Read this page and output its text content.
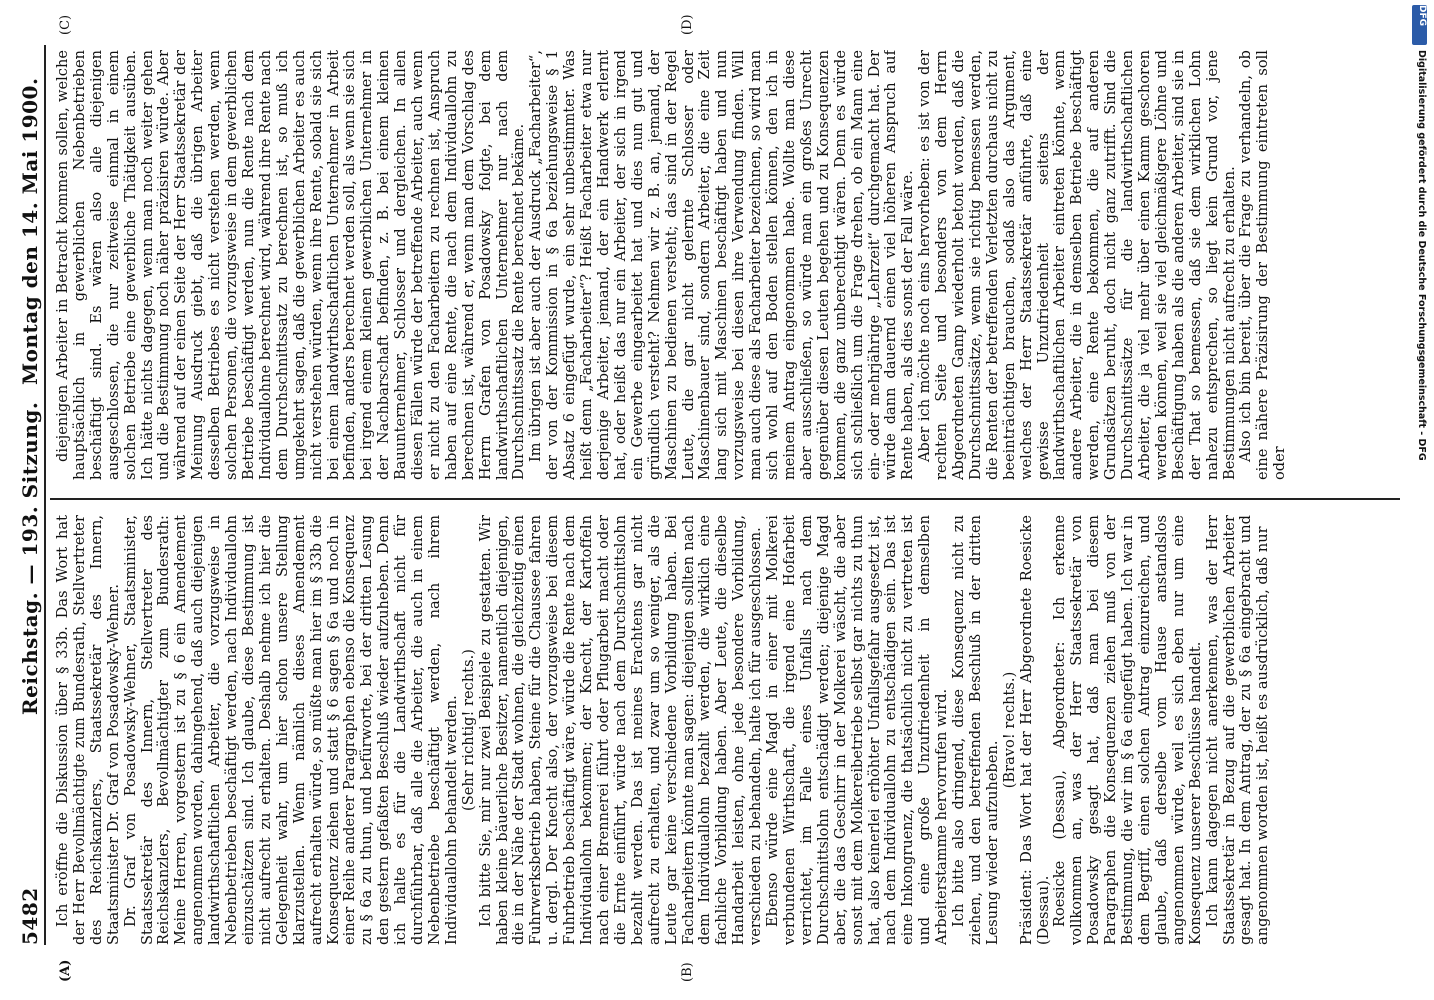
5482
Reichstag. — 193. Sitzung.
Montag den 14. Mai 1900.
(A)	(B)
(C)	(D)

Ich eröffne die Diskussion über § 33b. Das Wort hat der Herr Bevollmächtigte zum Bundesrath, Stellvertreter des Reichskanzlers, Staatssekretär des Innern, Staatsminister Dr. Graf von Posadowsky-Wehner. Dr. Graf von Posadowsky-Wehner, Staatsminister, Staatssekretär des Innern, Stellvertreter des Reichskanzlers, Bevollmächtigter zum Bundesrath: Meine Herren, vorgestern ist zu § 6 ein Amendement angenommen worden, dahingehend, daß auch diejenigen landwirthschaftlichen Arbeiter, die vorzugsweise in Nebenbetrieben beschäftigt werden, nach Individuallohn einzuschätzen sind. Ich glaube, diese Bestimmung ist nicht aufrecht zu erhalten. Deshalb nehme ich hier die Gelegenheit wahr, um hier schon unsere Stellung klarzustellen. Wenn nämlich dieses Amendement aufrecht erhalten würde, so müßte man hier im § 33b die Konsequenz ziehen und statt § 6 sagen § 6a und noch in einer Reihe anderer Paragraphen ebenso die Konsequenz zu § 6a zu thun, und befürworte, bei der dritten Lesung den gestern gefaßten Beschluß wieder aufzuheben. Denn ich halte es für die Landwirthschaft nicht für durchführbar, daß alle die Arbeiter, die auch in einem Nebenbetriebe beschäftigt werden, nach ihrem Individuallohn behandelt werden. (Sehr richtig! rechts.) Ich bitte Sie, mir nur zwei Beispiele zu gestatten. Wir haben kleine bäuerliche Besitzer, namentlich diejenigen, die in der Nähe der Stadt wohnen, die gleichzeitig einen Fuhrwerksbetrieb haben, Steine für die Chaussee fahren u. dergl. Der Knecht also, der vorzugsweise bei diesem Fuhrbetrieb beschäftigt wäre, würde die Rente nach dem Individuallohn bekommen; der Knecht, der Kartoffeln nach einer Brennerei führt oder Pflugarbeit macht oder die Ernte einführt, würde nach dem Durchschnittslohn bezahlt werden. Das ist meines Erachtens gar nicht aufrecht zu erhalten, und zwar um so weniger, als die Leute gar keine verschiedene Vorbildung haben. Bei Facharbeitern könnte man sagen: diejenigen sollten nach dem Individuallohn bezahlt werden, die wirklich eine fachliche Vorbildung haben. Aber Leute, die dieselbe Handarbeit leisten, ohne jede besondere Vorbildung, verschieden zu behandeln, halte ich für ausgeschlossen. Ebenso würde eine Magd in einer mit Molkerei verbundenen Wirthschaft, die irgend eine Hofarbeit verrichtet, im Falle eines Unfalls nach dem Durchschnittslohn entschädigt werden; diejenige Magd aber, die das Geschirr in der Molkerei wäscht, die aber sonst mit dem Molkereibetriebe selbst gar nichts zu thun hat, also keinerlei erhöhter Unfallsgefahr ausgesetzt ist, nach dem Individuallohn zu entschädigen sein. Das ist eine Inkongruenz, die thatsächlich nicht zu vertreten ist und eine große Unzufriedenheit in demselben Arbeiterstamme hervorrufen wird. Ich bitte also dringend, diese Konsequenz nicht zu ziehen, und den betreffenden Beschluß in der dritten Lesung wieder aufzuheben.

(Bravo! rechts.) Präsident: Das Wort hat der Herr Abgeordnete Roesicke (Dessau). Roesicke (Dessau), Abgeordneter: Ich erkenne vollkommen an, was der Herr Staatssekretär von Posadowsky gesagt hat, daß man bei diesem Paragraphen die Konsequenzen ziehen muß von der Bestimmung, die wir im § 6a eingefügt haben. Ich war in dem Begriff, einen solchen Antrag einzureichen, und glaube, daß derselbe vom Hause anstandslos angenommen würde, weil es sich eben nur um eine Konsequenz unserer Beschlüsse handelt. Ich kann dagegen nicht anerkennen, was der Herr Staatssekretär in Bezug auf die gewerblichen Arbeiter gesagt hat. In dem Antrag, der zu § 6a eingebracht und angenommen worden ist, heißt es ausdrücklich, daß nur

diejenigen Arbeiter in Betracht kommen sollen, welche hauptsächlich in gewerblichen Nebenbetrieben beschäftigt sind. Es wären also alle diejenigen ausgeschlossen, die nur zeitweise einmal in einem solchen Betriebe eine gewerbliche Thätigkeit ausüben. Ich hätte nichts dagegen, wenn man noch weiter gehen und die Bestimmung noch näher präzisiren würde. Aber während auf der einen Seite der Herr Staatssekretär der Meinung Ausdruck giebt, daß die übrigen Arbeiter desselben Betriebes es nicht verstehen werden, wenn solchen Personen, die vorzugsweise in dem gewerblichen Betriebe beschäftigt werden, nun die Rente nach dem Individuallohne berechnet wird, während ihre Rente nach dem Durchschnittssatz zu berechnen ist, so muß ich umgekehrt sagen, daß die gewerblichen Arbeiter es auch nicht verstehen würden, wenn ihre Rente, sobald sie sich bei einem landwirthschaftlichen Unternehmer in Arbeit befinden, anders berechnet werden soll, als wenn sie sich bei irgend einem kleinen gewerblichen Unternehmer in der Nachbarschaft befinden, z. B. bei einem kleinen Bauunternehmer, Schlosser und dergleichen. In allen diesen Fällen würde der betreffende Arbeiter, auch wenn er nicht zu den Facharbeitern zu rechnen ist, Anspruch haben auf eine Rente, die nach dem Individuallohn zu berechnen ist, während er, wenn man dem Vorschlag des Herrn Grafen von Posadowsky folgte, bei dem landwirthschaftlichen Unternehmer nur nach dem Durchschnittssatz die Rente berechnet bekäme. Im übrigen ist aber auch der Ausdruck „Facharbeiter“, der von der Kommission in § 6a beziehungsweise § 1 Absatz 6 eingefügt wurde, ein sehr unbestimmter. Was heißt denn „Facharbeiter“? Heißt Facharbeiter etwa nur derjenige Arbeiter, jemand, der ein Handwerk erlernt hat, oder heißt das nur ein Arbeiter, der sich in irgend ein Gewerbe eingearbeitet hat und dies nun gut und gründlich versteht? Nehmen wir z. B. an, jemand, der Maschinen zu bedienen versteht; das sind in der Regel Leute, die gar nicht gelernte Schlosser oder Maschinenbauer sind, sondern Arbeiter, die eine Zeit lang sich mit Maschinen beschäftigt haben und nun vorzugsweise bei diesen ihre Verwendung finden. Will man auch diese als Facharbeiter bezeichnen, so wird man sich wohl auf den Boden stellen können, den ich in meinem Antrag eingenommen habe. Wollte man diese aber ausschließen, so würde man ein großes Unrecht gegenüber diesen Leuten begehen und zu Konsequenzen kommen, die ganz unberechtigt wären. Denn es würde sich schließlich um die Frage drehen, ob ein Mann eine ein- oder mehrjährige „Lehrzeit“ durchgemacht hat. Der würde dann dauernd einen viel höheren Anspruch auf Rente haben, als dies sonst der Fall wäre. Aber ich möchte noch eins hervorheben: es ist von der rechten Seite und besonders von dem Herrn Abgeordneten Gamp wiederholt betont worden, daß die Durchschnittssätze, wenn sie richtig bemessen werden, die Renten der betreffenden Verletzten durchaus nicht zu beeinträchtigen brauchen, sodaß also das Argument, welches der Herr Staatssekretär anführte, daß eine gewisse Unzufriedenheit seitens der landwirthschaftlichen Arbeiter eintreten könnte, wenn andere Arbeiter, die in demselben Betriebe beschäftigt werden, eine Rente bekommen, die auf anderen Grundsätzen beruht, doch nicht ganz zutrifft. Sind die Durchschnittssätze für die landwirthschaftlichen Arbeiter, die ja viel mehr über einen Kamm geschoren werden können, weil sie viel gleichmäßigere Löhne und Beschäftigung haben als die anderen Arbeiter, sind sie in der That so bemessen, daß sie dem wirklichen Lohn nahezu entsprechen, so liegt kein Grund vor, jene Bestimmungen nicht aufrecht zu erhalten. Also ich bin bereit, über die Frage zu verhandeln, ob eine nähere Präzisirung der Bestimmung eintreten soll oder

DFG
Digitalisierung gefördert durch die Deutsche Forschungsgemeinschaft - DFG
